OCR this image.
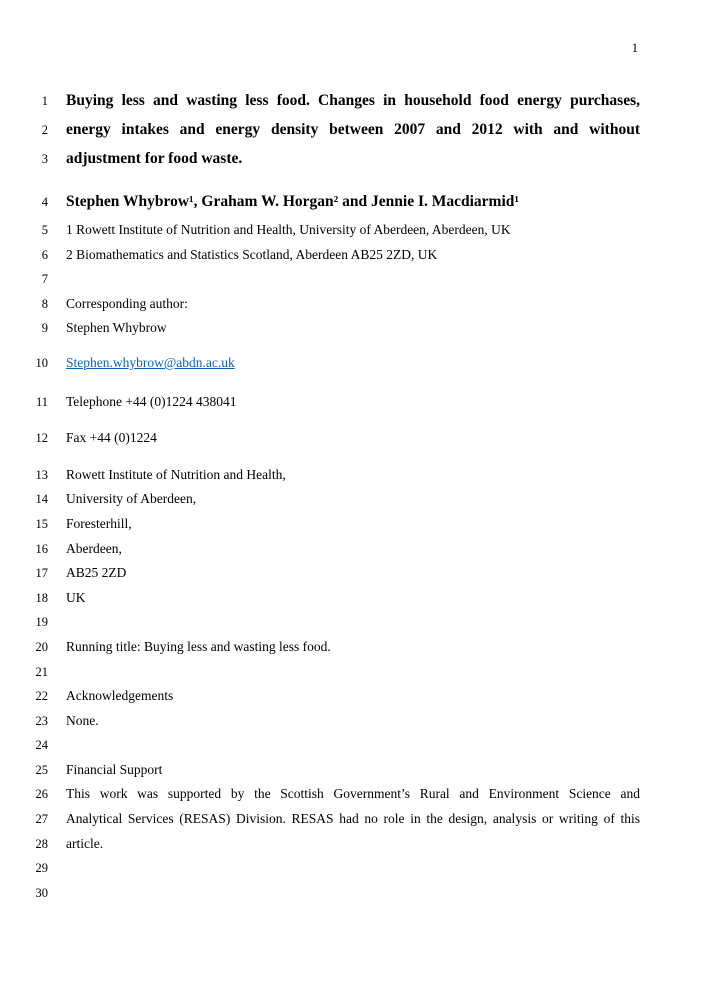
1
1 Buying less and wasting less food. Changes in household food energy purchases,
2 energy intakes and energy density between 2007 and 2012 with and without
3 adjustment for food waste.
4 Stephen Whybrow¹, Graham W. Horgan² and Jennie I. Macdiarmid¹
5 1 Rowett Institute of Nutrition and Health, University of Aberdeen, Aberdeen, UK
6 2 Biomathematics and Statistics Scotland, Aberdeen AB25 2ZD, UK
7
8 Corresponding author:
9 Stephen Whybrow
10 Stephen.whybrow@abdn.ac.uk
11 Telephone +44 (0)1224 438041
12 Fax +44 (0)1224
13 Rowett Institute of Nutrition and Health,
14 University of Aberdeen,
15 Foresterhill,
16 Aberdeen,
17 AB25 2ZD
18 UK
19
20 Running title: Buying less and wasting less food.
21
22 Acknowledgements
23 None.
24
25 Financial Support
26 This work was supported by the Scottish Government’s Rural and Environment Science and
27 Analytical Services (RESAS) Division. RESAS had no role in the design, analysis or writing of this
28 article.
29
30
